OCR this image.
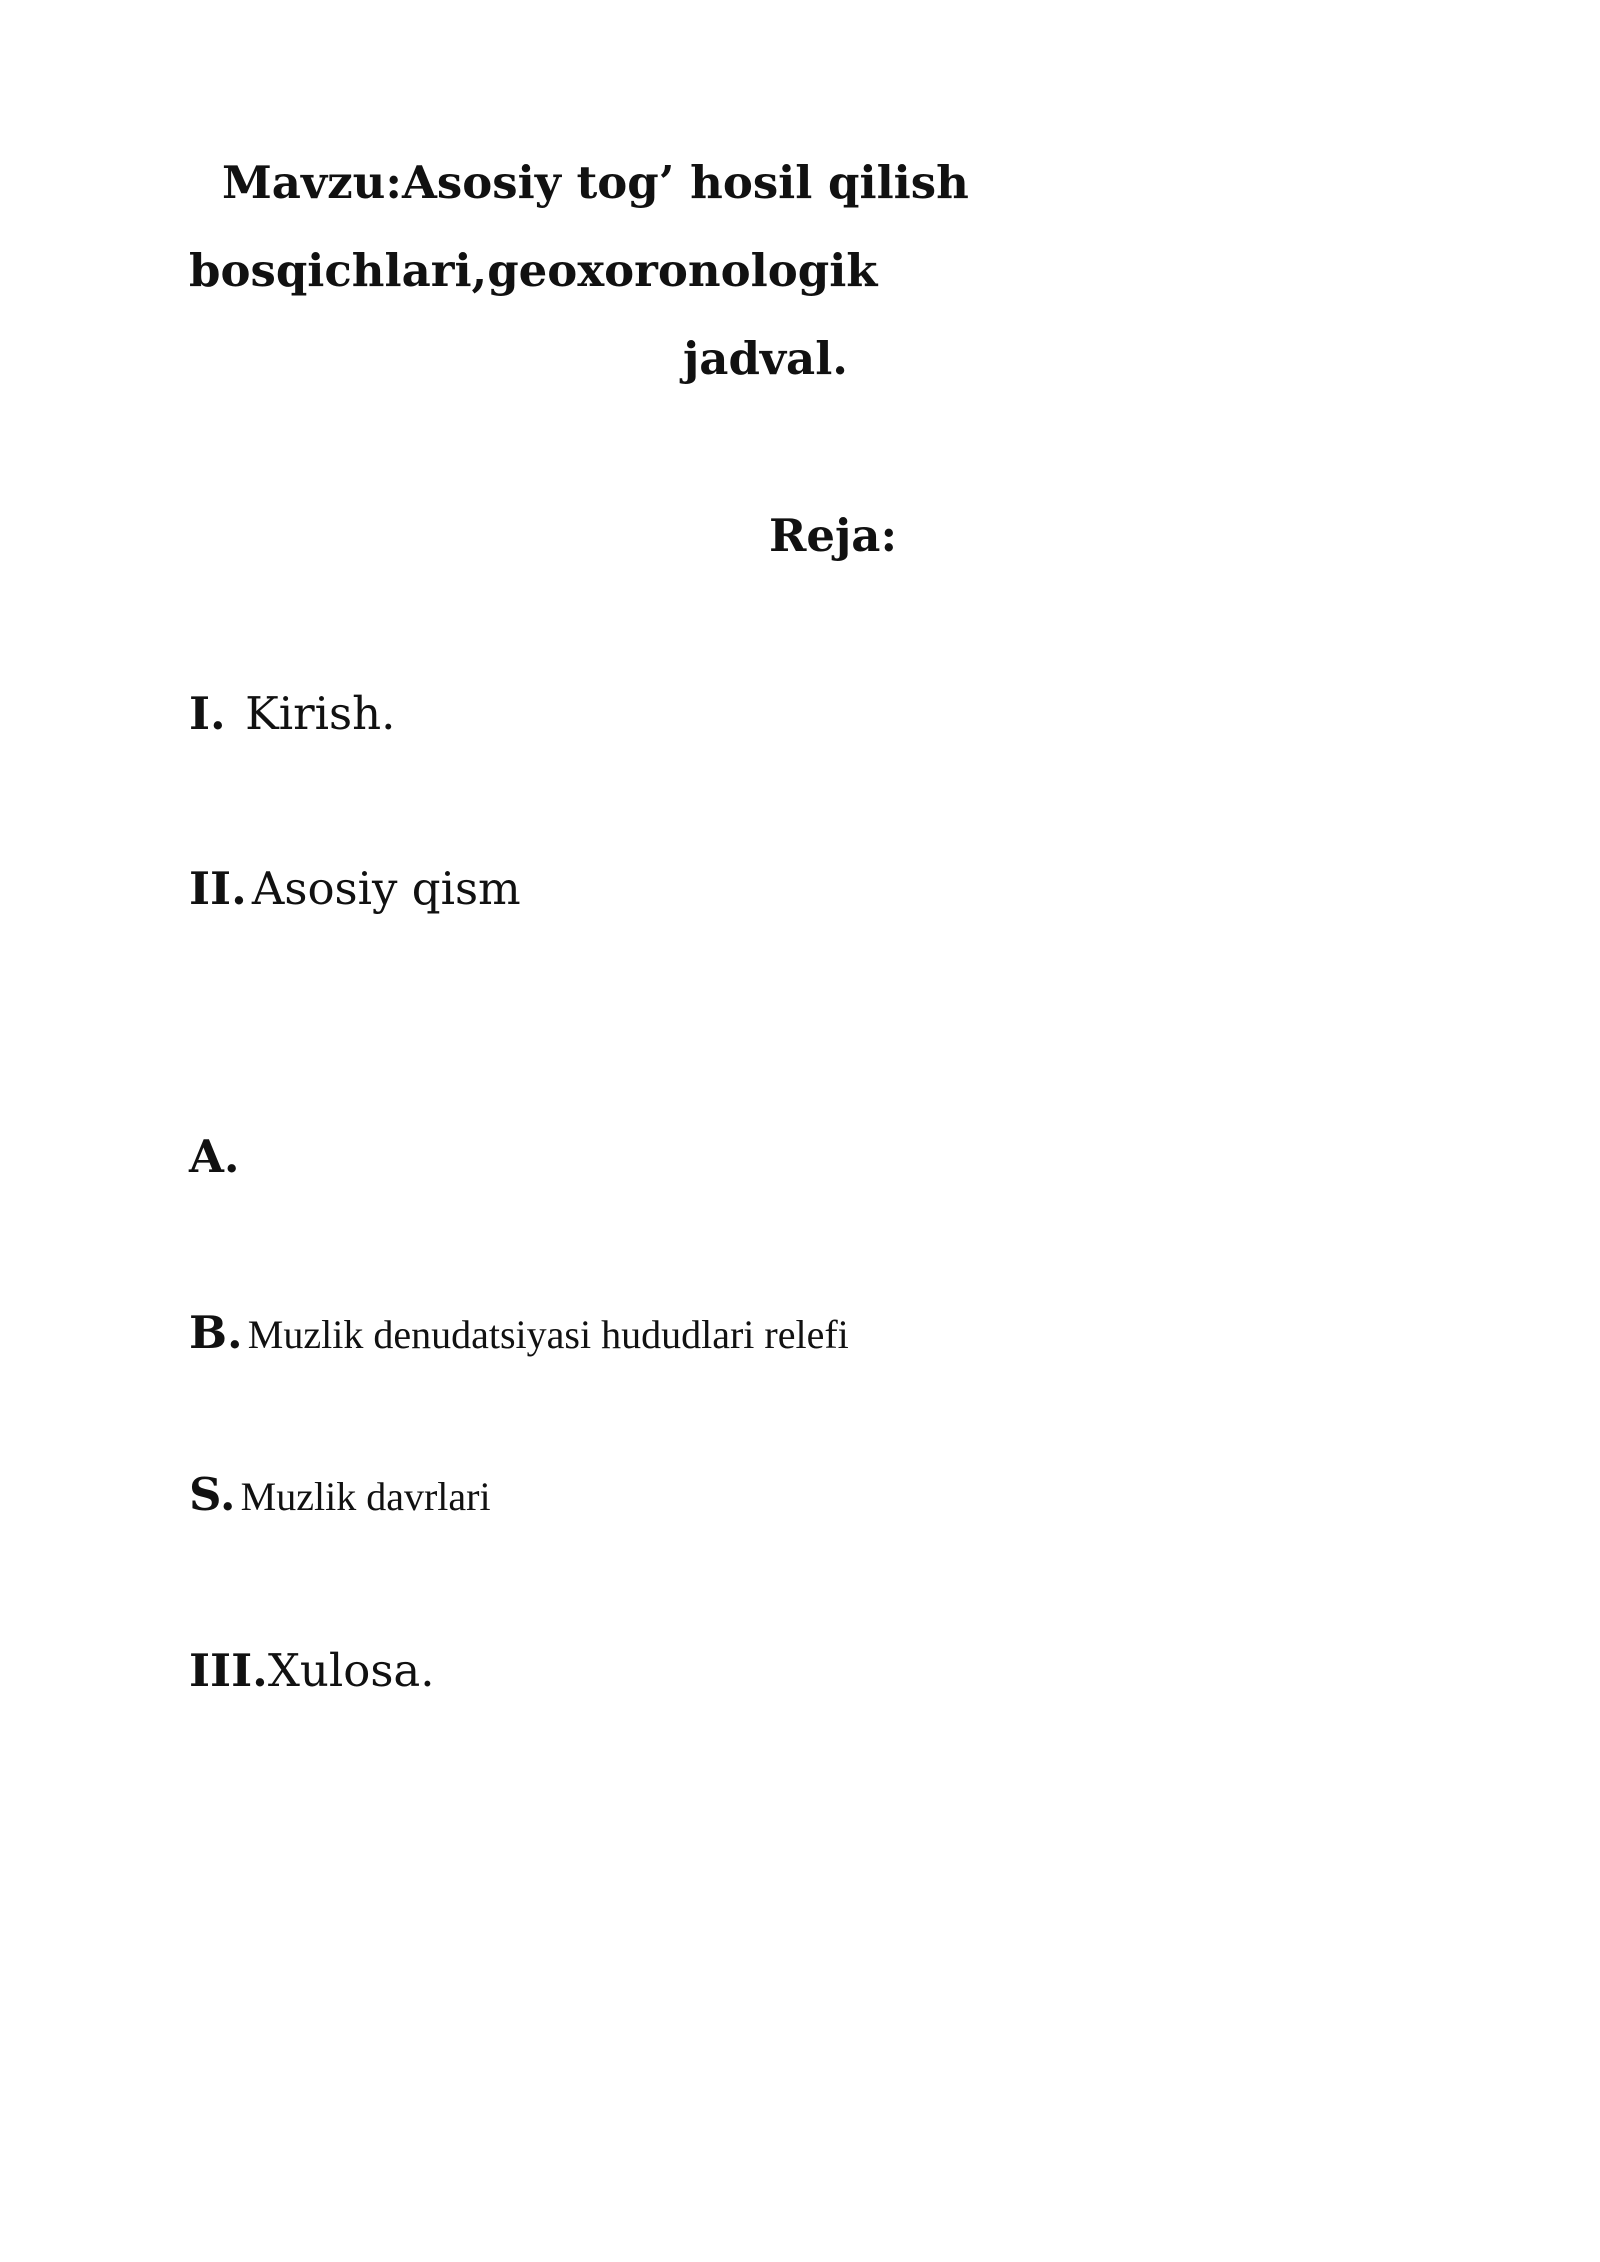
Mavzu:Asosiy tog’ hosil qilish
bosqichlari,geoxoronologik
jadval.
Reja:
I. Kirish.
II. Asosiy qism
A.
B. Muzlik denudatsiyasi hududlari relefi
S. Muzlik davrlari
III.Xulosa.
